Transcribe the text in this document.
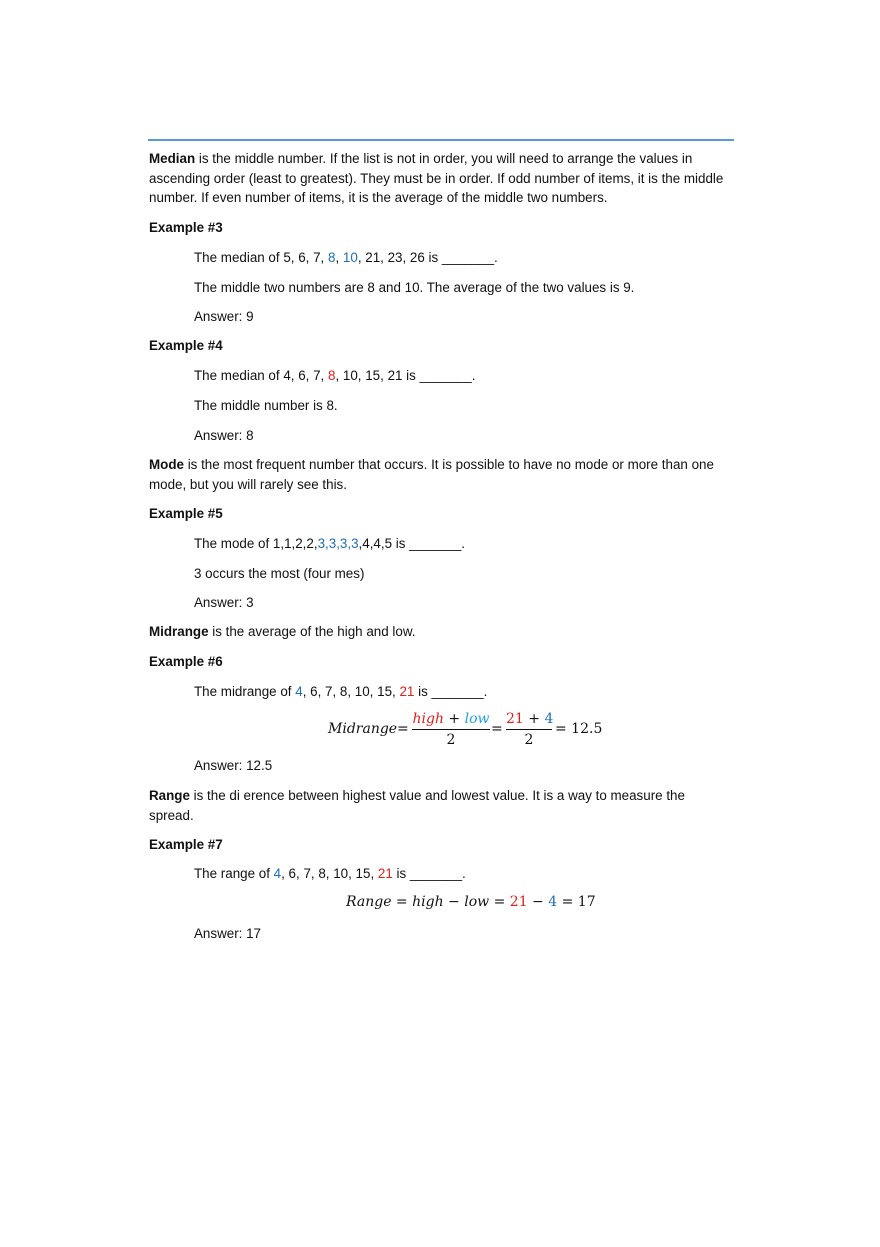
Median is the middle number. If the list is not in order, you will need to arrange the values in ascending order (least to greatest). They must be in order. If odd number of items, it is the middle number. If even number of items, it is the average of the middle two numbers.

Example #3

The median of 5, 6, 7, 8, 10, 21, 23, 26 is _______.

The middle two numbers are 8 and 10. The average of the two values is 9.

Answer: 9

Example #4

The median of 4, 6, 7, 8, 10, 15, 21 is _______.

The middle number is 8.

Answer: 8

Mode is the most frequent number that occurs. It is possible to have no mode or more than one mode, but you will rarely see this.

Example #5

The mode of 1,1,2,2,3,3,3,3,4,4,5 is _______.

3 occurs the most (four mes)

Answer: 3

Midrange is the average of the high and low.

Example #6

The midrange of 4, 6, 7, 8, 10, 15, 21 is _______.

Midrange =
high + low
2
=
21 + 4
2
= 12.5

Answer: 12.5

Range is the di erence between highest value and lowest value. It is a way to measure the spread.

Example #7

The range of 4, 6, 7, 8, 10, 15, 21 is _______.

Range = high − low = 21 − 4 = 17

Answer: 17
